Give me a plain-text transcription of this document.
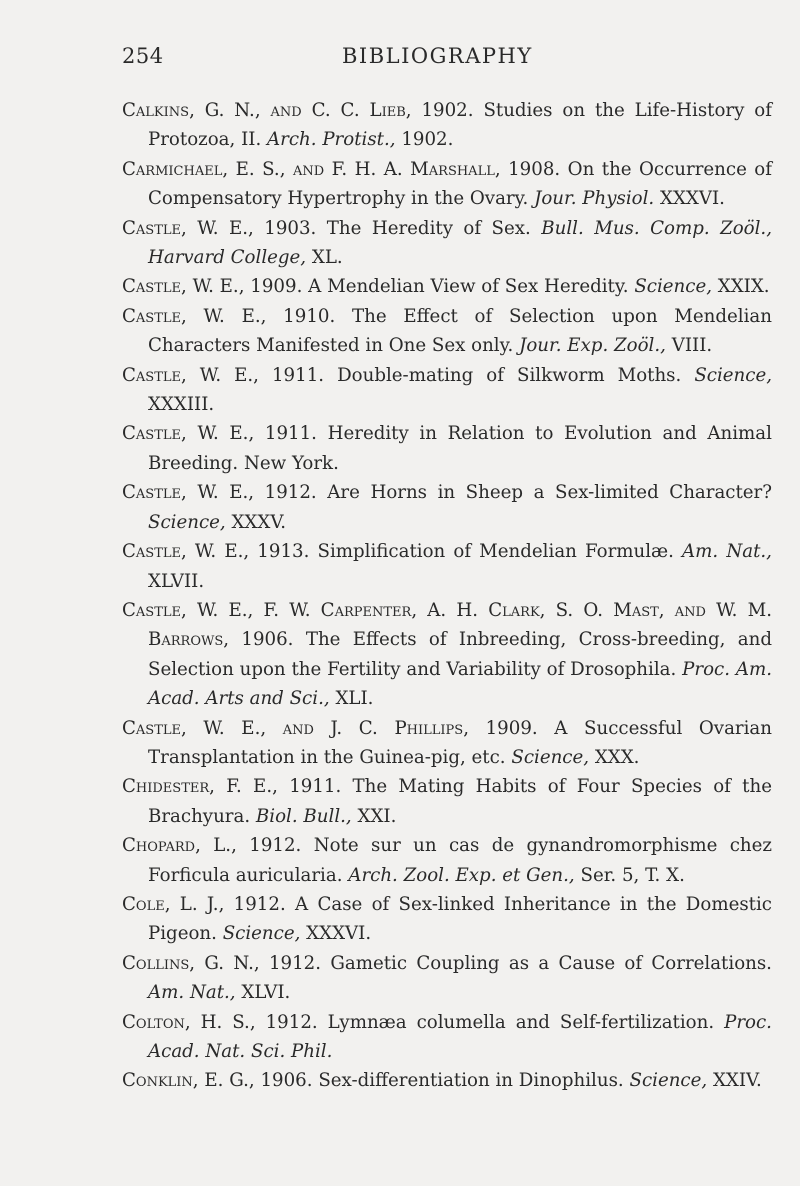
254	BIBLIOGRAPHY

Calkins, G. N., and C. C. Lieb, 1902. Studies on the Life-History of Protozoa, II. Arch. Protist., 1902.

Carmichael, E. S., and F. H. A. Marshall, 1908. On the Occurrence of Compensatory Hypertrophy in the Ovary. Jour. Physiol. XXXVI.

Castle, W. E., 1903. The Heredity of Sex. Bull. Mus. Comp. Zoöl., Harvard College, XL.

Castle, W. E., 1909. A Mendelian View of Sex Heredity. Science, XXIX.

Castle, W. E., 1910. The Effect of Selection upon Mendelian Characters Manifested in One Sex only. Jour. Exp. Zoöl., VIII.

Castle, W. E., 1911. Double-mating of Silkworm Moths. Science, XXXIII.

Castle, W. E., 1911. Heredity in Relation to Evolution and Animal Breeding. New York.

Castle, W. E., 1912. Are Horns in Sheep a Sex-limited Character? Science, XXXV.

Castle, W. E., 1913. Simplification of Mendelian Formulæ. Am. Nat., XLVII.

Castle, W. E., F. W. Carpenter, A. H. Clark, S. O. Mast, and W. M. Barrows, 1906. The Effects of Inbreeding, Cross-breeding, and Selection upon the Fertility and Variability of Drosophila. Proc. Am. Acad. Arts and Sci., XLI.

Castle, W. E., and J. C. Phillips, 1909. A Successful Ovarian Transplantation in the Guinea-pig, etc. Science, XXX.

Chidester, F. E., 1911. The Mating Habits of Four Species of the Brachyura. Biol. Bull., XXI.

Chopard, L., 1912. Note sur un cas de gynandromorphisme chez Forficula auricularia. Arch. Zool. Exp. et Gen., Ser. 5, T. X.

Cole, L. J., 1912. A Case of Sex-linked Inheritance in the Domestic Pigeon. Science, XXXVI.

Collins, G. N., 1912. Gametic Coupling as a Cause of Correlations. Am. Nat., XLVI.

Colton, H. S., 1912. Lymnæa columella and Self-fertilization. Proc. Acad. Nat. Sci. Phil.

Conklin, E. G., 1906. Sex-differentiation in Dinophilus. Science, XXIV.
